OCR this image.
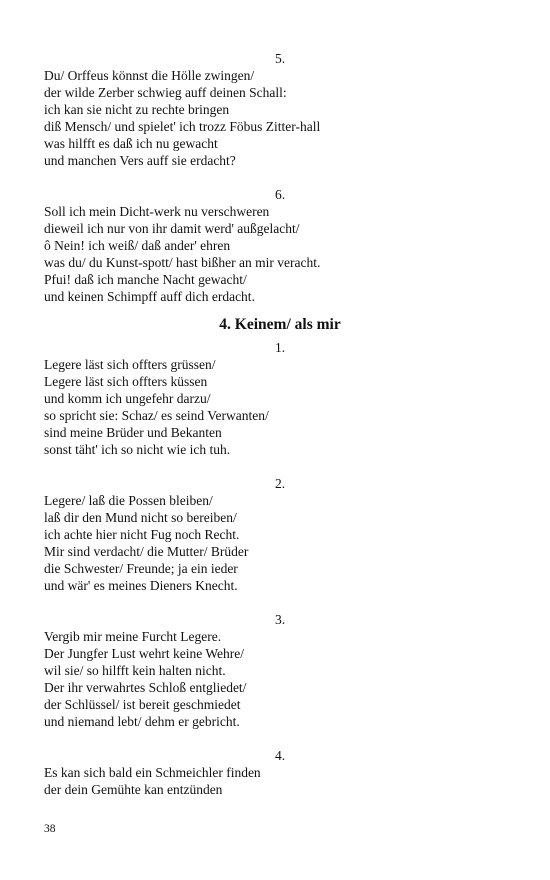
5.
Du/ Orffeus könnst die Hölle zwingen/
der wilde Zerber schwieg auff deinen Schall:
ich kan sie nicht zu rechte bringen
diß Mensch/ und spielet' ich trozz Föbus Zitter-hall
was hilfft es daß ich nu gewacht
und manchen Vers auff sie erdacht?
6.
Soll ich mein Dicht-werk nu verschweren
dieweil ich nur von ihr damit werd' außgelacht/
ô Nein! ich weiß/ daß ander' ehren
was du/ du Kunst-spott/ hast bißher an mir veracht.
Pfui! daß ich manche Nacht gewacht/
und keinen Schimpff auff dich erdacht.
4. Keinem/ als mir
1.
Legere läst sich offters grüssen/
Legere läst sich offters küssen
und komm ich ungefehr darzu/
so spricht sie: Schaz/ es seind Verwanten/
sind meine Brüder und Bekanten
sonst täht' ich so nicht wie ich tuh.
2.
Legere/ laß die Possen bleiben/
laß dir den Mund nicht so bereiben/
ich achte hier nicht Fug noch Recht.
Mir sind verdacht/ die Mutter/ Brüder
die Schwester/ Freunde; ja ein ieder
und wär' es meines Dieners Knecht.
3.
Vergib mir meine Furcht Legere.
Der Jungfer Lust wehrt keine Wehre/
wil sie/ so hilfft kein halten nicht.
Der ihr verwahrtes Schloß entgliedet/
der Schlüssel/ ist bereit geschmiedet
und niemand lebt/ dehm er gebricht.
4.
Es kan sich bald ein Schmeichler finden
der dein Gemühte kan entzünden
38
